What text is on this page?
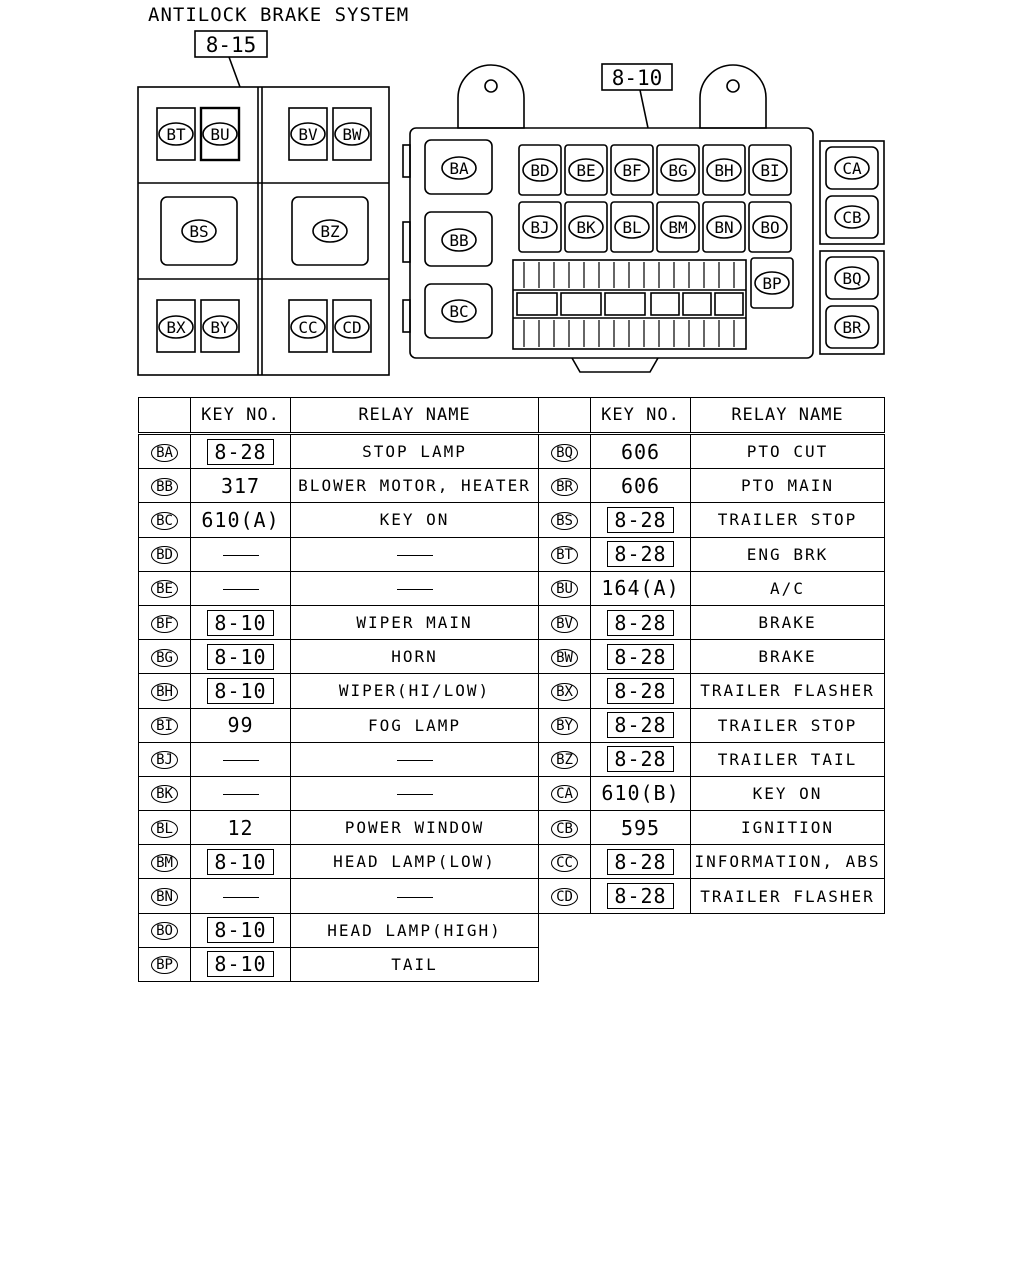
ANTILOCK BRAKE SYSTEM
8-15
8-10
BT BU	BV BW
BS	BZ
BX BY	CC CD
BA
BB
BC
BD BE BF BG BH BI
BJ BK BL BM BN BO
BP
CA
CB
BQ
BR
	KEY NO.	RELAY NAME		KEY NO.	RELAY NAME
BA	8-28	STOP LAMP	BQ	606	PTO CUT
BB	317	BLOWER MOTOR, HEATER	BR	606	PTO MAIN
BC	610(A)	KEY ON	BS	8-28	TRAILER STOP
BD			BT	8-28	ENG BRK
BE			BU	164(A)	A/C
BF	8-10	WIPER MAIN	BV	8-28	BRAKE
BG	8-10	HORN	BW	8-28	BRAKE
BH	8-10	WIPER(HI/LOW)	BX	8-28	TRAILER FLASHER
BI	99	FOG LAMP	BY	8-28	TRAILER STOP
BJ			BZ	8-28	TRAILER TAIL
BK			CA	610(B)	KEY ON
BL	12	POWER WINDOW	CB	595	IGNITION
BM	8-10	HEAD LAMP(LOW)	CC	8-28	INFORMATION, ABS
BN			CD	8-28	TRAILER FLASHER
BO	8-10	HEAD LAMP(HIGH)			
BP	8-10	TAIL			
